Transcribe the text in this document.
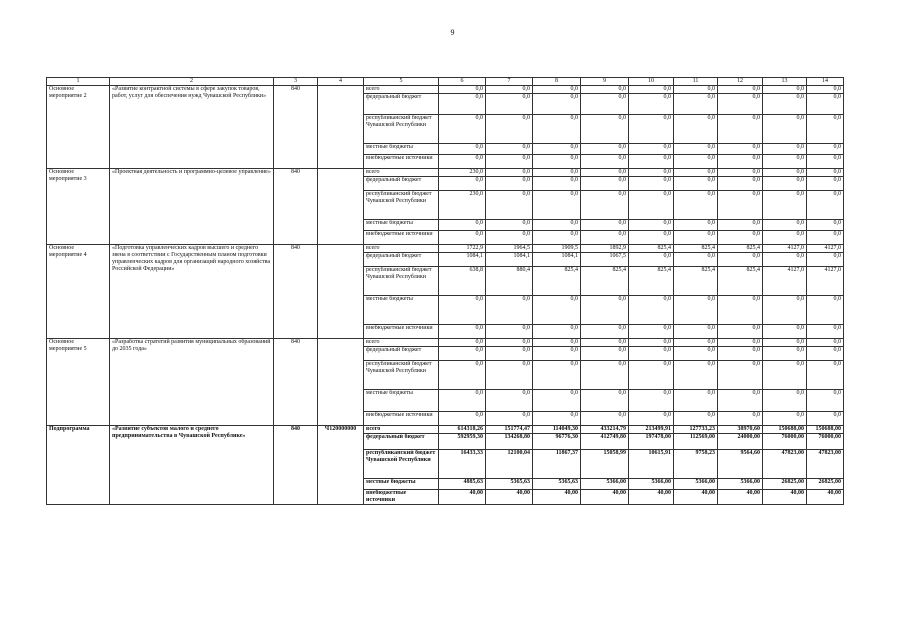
9
1	2	3	4	5	6	7	8	9	10	11	12	13	14
Основное мероприятие 2	«Развитие контрактной системы в сфере закупок товаров, работ, услуг для обеспечения нужд Чувашской Республики»	840		всего	0,0	0,0	0,0	0,0	0,0	0,0	0,0	0,0	0,0
				федеральный бюджет	0,0	0,0	0,0	0,0	0,0	0,0	0,0	0,0	0,0
				республиканский бюджет Чувашской Республики	0,0	0,0	0,0	0,0	0,0	0,0	0,0	0,0	0,0
				местные бюджеты	0,0	0,0	0,0	0,0	0,0	0,0	0,0	0,0	0,0
				внебюджетные источники	0,0	0,0	0,0	0,0	0,0	0,0	0,0	0,0	0,0
Основное мероприятие 3	«Проектная деятельность и программно-целевое управление»	840		всего	230,0	0,0	0,0	0,0	0,0	0,0	0,0	0,0	0,0
				федеральный бюджет	0,0	0,0	0,0	0,0	0,0	0,0	0,0	0,0	0,0
				республиканский бюджет Чувашской Республики	230,0	0,0	0,0	0,0	0,0	0,0	0,0	0,0	0,0
				местные бюджеты	0,0	0,0	0,0	0,0	0,0	0,0	0,0	0,0	0,0
				внебюджетные источники	0,0	0,0	0,0	0,0	0,0	0,0	0,0	0,0	0,0
Основное мероприятие 4	«Подготовка управленческих кадров высшего и среднего звена в соответствии с Государственным планом подготовки управленческих кадров для организаций народного хозяйства Российской Федерации»	840		всего	1722,9	1964,5	1909,5	1892,9	825,4	825,4	825,4	4127,0	4127,0
				федеральный бюджет	1084,1	1084,1	1084,1	1067,5	0,0	0,0	0,0	0,0	0,0
				республиканский бюджет Чувашской Республики	638,8	880,4	825,4	825,4	825,4	825,4	825,4	4127,0	4127,0
				местные бюджеты	0,0	0,0	0,0	0,0	0,0	0,0	0,0	0,0	0,0
				внебюджетные источники	0,0	0,0	0,0	0,0	0,0	0,0	0,0	0,0	0,0
Основное мероприятие 5	«Разработка стратегий развития муниципальных образований до 2035 года»	840		всего	0,0	0,0	0,0	0,0	0,0	0,0	0,0	0,0	0,0
				федеральный бюджет	0,0	0,0	0,0	0,0	0,0	0,0	0,0	0,0	0,0
				республиканский бюджет Чувашской Республики	0,0	0,0	0,0	0,0	0,0	0,0	0,0	0,0	0,0
				местные бюджеты	0,0	0,0	0,0	0,0	0,0	0,0	0,0	0,0	0,0
				внебюджетные источники	0,0	0,0	0,0	0,0	0,0	0,0	0,0	0,0	0,0
Подпрограмма	«Развитие субъектов малого и среднего предпринимательства в Чувашской Республике»	840	Ч120000000	всего	614318,26	151774,47	114049,30	433214,79	213499,91	127733,23	38970,60	150688,00	150688,00
				федеральный бюджет	592959,30	134268,80	96776,30	412749,80	197478,00	112569,00	24000,00	76000,00	76000,00
				республиканский бюджет Чувашской Республики	16433,33	12100,04	11867,37	15058,99	10615,91	9758,23	9564,60	47823,00	47823,00
				местные бюджеты	4885,63	5365,63	5365,63	5366,00	5366,00	5366,00	5366,00	26825,00	26825,00
				внебюджетные источники	40,00	40,00	40,00	40,00	40,00	40,00	40,00	40,00	40,00
